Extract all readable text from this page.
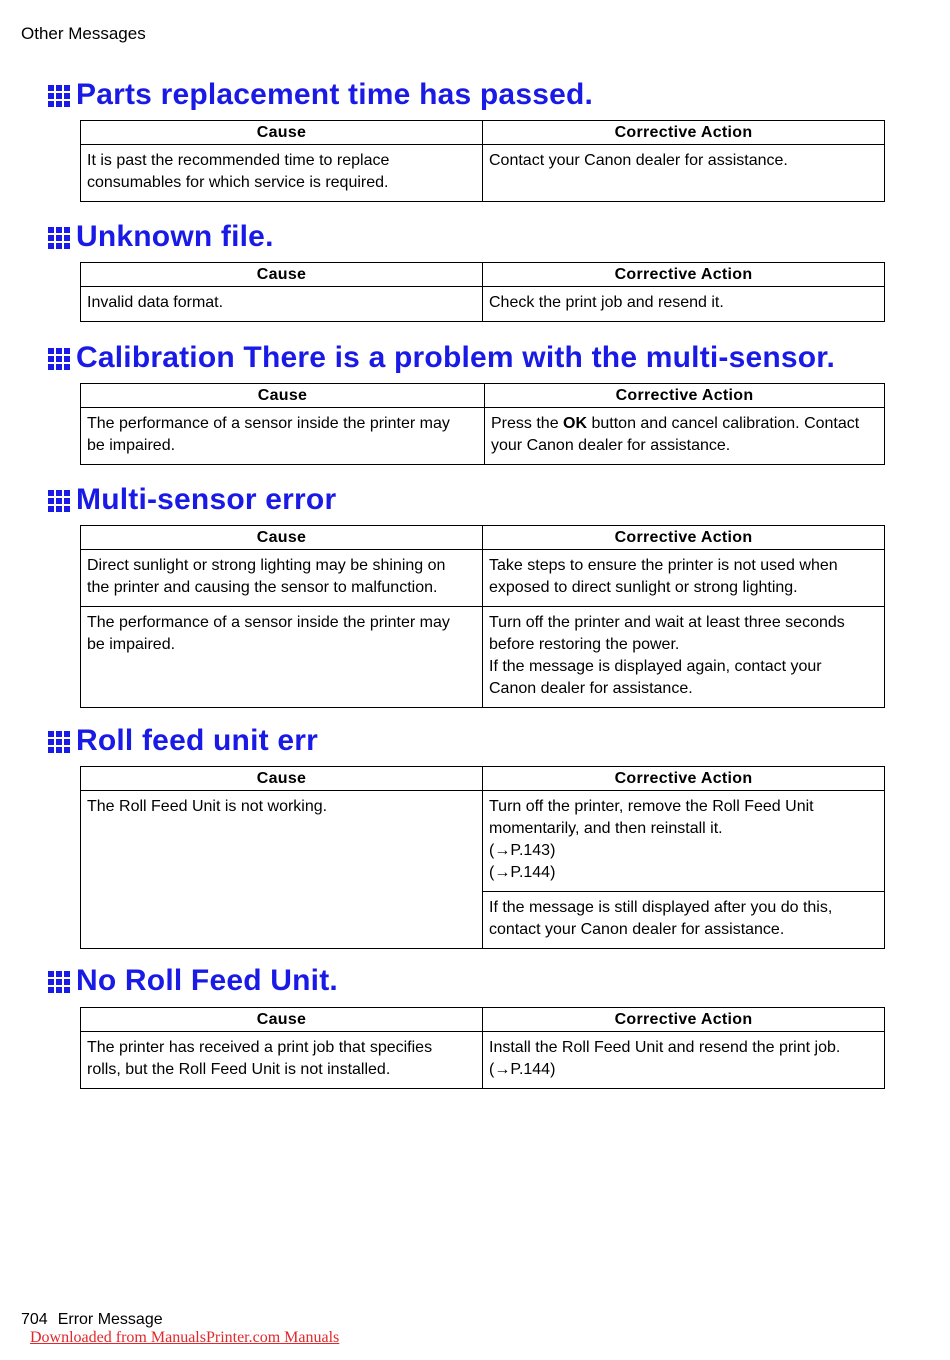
Other Messages
Parts replacement time has passed.
Cause	Corrective Action

It is past the recommended time to replace
consumables for which service is required.	Contact your Canon dealer for assistance.
Unknown file.
Cause	Corrective Action

Invalid data format.	Check the print job and resend it.
Calibration There is a problem with the multi-sensor.
Cause	Corrective Action

The performance of a sensor inside the printer may
be impaired.	Press the OK button and cancel calibration. Contact
your Canon dealer for assistance.
Multi-sensor error
Cause	Corrective Action

Direct sunlight or strong lighting may be shining on
the printer and causing the sensor to malfunction.	Take steps to ensure the printer is not used when
exposed to direct sunlight or strong lighting.

The performance of a sensor inside the printer may
be impaired.	Turn off the printer and wait at least three seconds
before restoring the power.
If the message is displayed again, contact your
Canon dealer for assistance.
Roll feed unit err
Cause	Corrective Action

The Roll Feed Unit is not working.	Turn off the printer, remove the Roll Feed Unit
momentarily, and then reinstall it.
(→P.143)
(→P.144)

	If the message is still displayed after you do this,
contact your Canon dealer for assistance.
No Roll Feed Unit.
Cause	Corrective Action

The printer has received a print job that specifies
rolls, but the Roll Feed Unit is not installed.	Install the Roll Feed Unit and resend the print job.
(→P.144)
704 Error Message
Downloaded from ManualsPrinter.com Manuals
